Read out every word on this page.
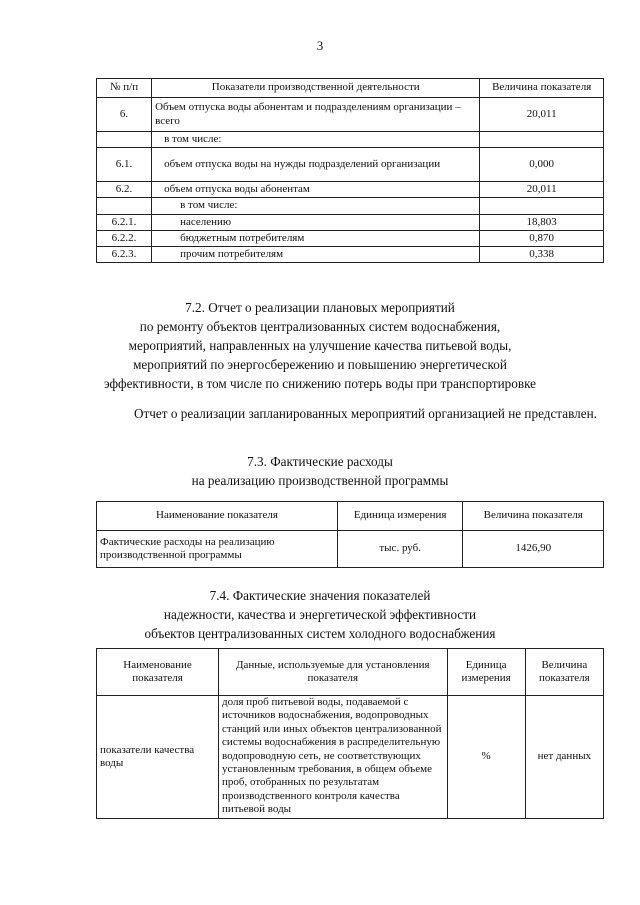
3
№ п/п	Показатели производственной деятельности	Величина показателя
6.	Объем отпуска воды абонентам и подразделениям организации – всего	20,011
	в том числе:	
6.1.	объем отпуска воды на нужды подразделений организации	0,000
6.2.	объем отпуска воды абонентам	20,011
	в том числе:	
6.2.1.	населению	18,803
6.2.2.	бюджетным потребителям	0,870
6.2.3.	прочим потребителям	0,338
7.2. Отчет о реализации плановых мероприятий
по ремонту объектов централизованных систем водоснабжения,
мероприятий, направленных на улучшение качества питьевой воды,
мероприятий по энергосбережению и повышению энергетической
эффективности, в том числе по снижению потерь воды при транспортировке
Отчет о реализации запланированных мероприятий организацией не представлен.
7.3. Фактические расходы
на реализацию производственной программы
Наименование показателя	Единица измерения	Величина показателя
Фактические расходы на реализацию производственной программы	тыс. руб.	1426,90
7.4. Фактические значения показателей
надежности, качества и энергетической эффективности
объектов централизованных систем холодного водоснабжения
Наименование показателя	Данные, используемые для установления показателя	Единица измерения	Величина показателя
показатели качества воды	доля проб питьевой воды, подаваемой с источников водоснабжения, водопроводных станций или иных объектов централизованной системы водоснабжения в распределительную водопроводную сеть, не соответствующих установленным требования, в общем объеме проб, отобранных по результатам производственного контроля качества питьевой воды	%	нет данных
